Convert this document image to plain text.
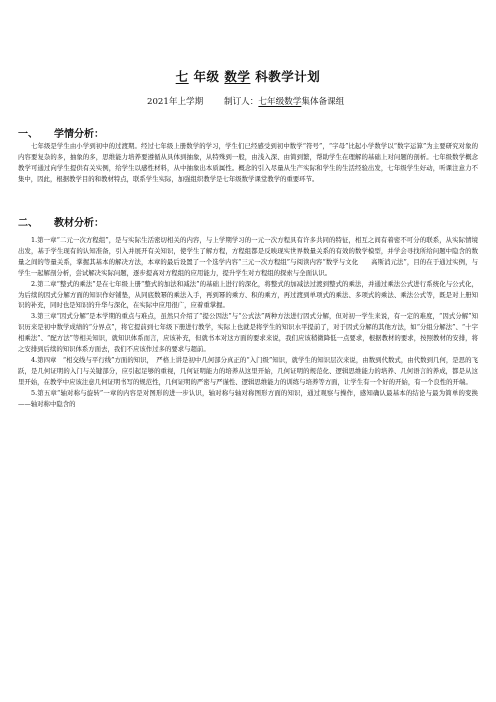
七 年级 数学 科教学计划
2021年上学期 制订人：七年级数学集体备课组
一、 学情分析：

七年级是学生由小学到初中的过渡期。经过七年级上册数学的学习，学生们已经感受到初中数学“符号”，“字母”比起小学数学以“数字运算”为主要研究对象的内容要复杂的多，抽象的多，思维能力培养要遵循从具体到抽象，从特殊到一般，由浅入深、由简到繁，帮助学生在理解的基础上对问题的剖析。七年级数学概念教学可通过向学生提供有关实例，给学生以感性材料，从中抽象出本质属性。概念的引入尽量从生产实际和学生的生活经验出发，七年级学生好动，听课注意力不集中，因此，根据教学目的和教材特点，联系学生实际，加强组织教学是七年级数学课堂教学的重要环节。

二、 教材分析：

1.第一章“二元一次方程组”，是与实际生活密切相关的内容，与上学期学习的一元一次方程具有许多共同的特征，相互之间有着密不可分的联系，从实际情境出发，基于学生现有的认知准备，引入并展开有关知识，使学生了解方程，方程组都是反映现实世界数量关系的有效的数学模型，并学会寻找所给问题中隐含的数量之间的等量关系，掌握其基本的解决方法，本章的最后设置了一个选学内容“三元一次方程组”与阅读内容“数学与文化　　高斯消元法”，目的在于通过实例，与学生一起解剖分析，尝试解决实际问题，逐步提高对方程组的应用能力，提升学生对方程组的探索与全面认识。

2.第二章“整式的乘法”是在七年级上册“整式的加法和减法”的基础上进行的深化，将整式的加减法过渡到整式的乘法，并通过乘法公式进行系统化与公式化，为后续的因式分解方面的知识作好铺垫，从同底数幂的乘法入手，再到幂的乘方、积的乘方，再过渡到单项式的乘法、多项式的乘法、乘法公式等，既是对上册知识的补充，同时也是知识的升华与深化，在实际中应用很广，应着重掌握。

3.第三章“因式分解”是本学期的重点与难点，虽然只介绍了“提公因法”与“公式法”两种方法进行因式分解，但对初一学生来说，有一定的难度，“因式分解”知识历来是初中数学成绩的“分界点”，将它提前到七年级下册进行教学，实际上也就是将学生的知识水平提前了，对于因式分解的其他方法，如“分组分解法”、“十字相乘法”、“配方法”等相关知识，就知识体系而言，应该补充，但就书本对这方面的要求来说，我们应该稍微降低一点要求，根据教材的要求，按照教材的安排，将之安排到后续的知识体系方面去，我们不应该作过多的要求与超前。

4.第四章　“相交线与平行线”方面的知识，　严格上讲是初中几何部分真正的“入门级”知识，就学生的知识层次来说，由数到代数式，由代数到几何，是思的飞跃，是几何证明的入门与关键部分，应引起足够的重视，几何证明能力的培养从这里开始，几何证明的规范化、逻辑思维能力的培养、几何语言的养成，都是从这里开始，在教学中应该注意几何证明书写的规范性，几何证明的严密与严谨性、逻辑思维能力的训练与培养等方面，让学生有一个好的开始，有一个良性的开端。

5.第五章“轴对称与旋转”一章的内容是对图形的进一步认识，轴对称与轴对称图形方面的知识，通过观察与操作，感知确认最基本的结论与最为简单的变换——轴对称中隐含的
